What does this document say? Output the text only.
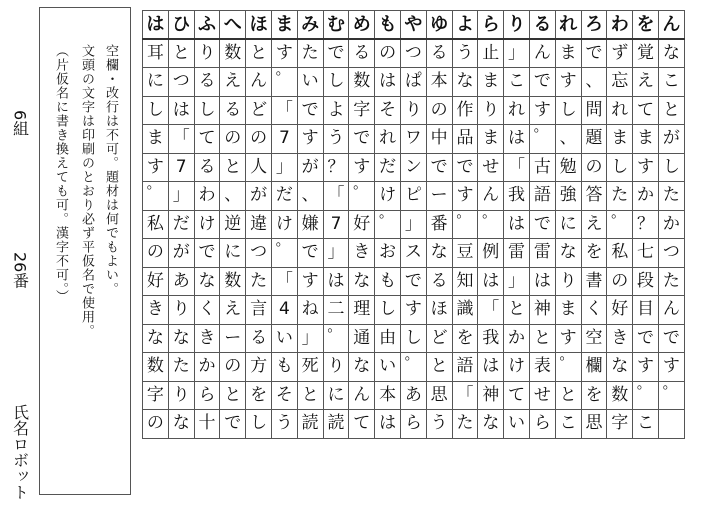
6組
26番
氏名ロボット
空欄・改行は不可。題材は何でもよい。
文頭の文字は印刷のとおり必ず平仮名で使用。
（片仮名に書き換えても可。漢字不可。）
は	ひ	ふ	へ	ほ	ま	み	む	め	も	や	ゆ	よ	ら	り	る	れ	ろ	わ	を	ん
耳	と	り	数	と	す	た	で	る	の	つ	る	う	止	」	ん	ま	で	ず	覚	な
に	つ	る	え	ん	゜	い	し	数	は	ぱ	本	な	ま	こ	で	す	、	忘	え	こ
し	は	し	る	ど	「	で	よ	字	そ	り	の	作	り	れ	す	し	問	れ	て	と
ま	「	て	の	の	7	す	う	で	れ	ワ	中	品	ま	は	゜	、	題	ま	ま	が
す	7	る	と	人	」	が	？	す	だ	ン	で	で	せ	「	古	勉	の	し	す	し
゜	」	わ	、	が	だ	、	「	゜	け	ピ	ー	す	ん	我	語	強	答	た	か	た
私	だ	け	逆	違	け	嫌	7	好	゜	」	番	゜	゜	は	で	に	え	゜	？	か
の	が	で	に	つ	゜	で	」	き	お	ス	な	豆	例	雷	雷	な	を	私	七	つ
好	あ	な	数	た	「	す	は	な	も	で	る	知	は	」	は	り	書	の	段	た
き	り	く	え	言	4	ね	二	理	し	す	ほ	識	「	と	神	ま	く	好	目	ん
な	な	き	ー	る	い	」	゜	通	由	し	ど	を	我	か	と	す	空	き	で	で
数	た	か	の	方	も	死	り	な	い	゜	と	語	は	け	表	゜	欄	な	す	す
字	り	ら	と	を	そ	と	に	ん	本	あ	思	「	神	て	せ	と	を	数	゜	゜
の	な	十	で	し	う	読	読	て	は	ら	う	た	な	い	ら	こ	思	字	こ	
